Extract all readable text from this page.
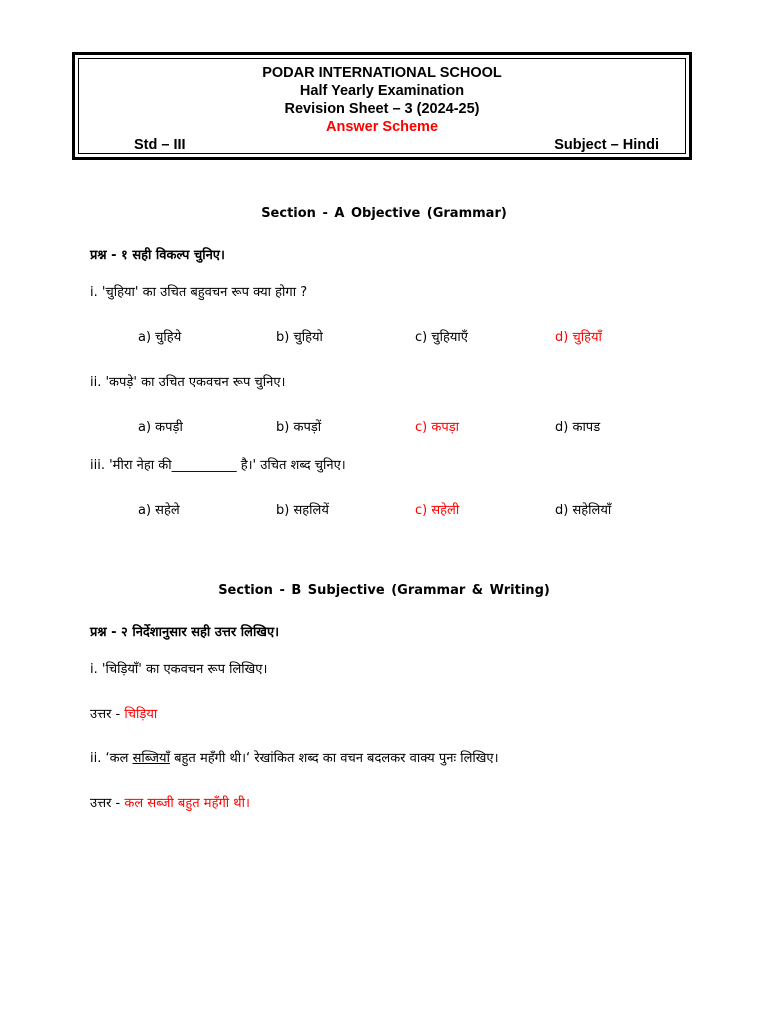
PODAR INTERNATIONAL SCHOOL
Half Yearly Examination
Revision Sheet – 3 (2024-25)
Answer Scheme
Std – III	Subject – Hindi
Section - A Objective (Grammar)
प्रश्न - १ सही विकल्प चुनिए।
i. 'चुहिया' का उचित बहुवचन रूप क्या होगा ?
a) चुहिये	b) चुहियो	c) चुहियाएँ	d) चुहियाँ
ii. 'कपड़े' का उचित एकवचन रूप चुनिए।
a) कपड़ी	b) कपड़ों	c) कपड़ा	d) कापड
iii. 'मीरा नेहा की__________ है।' उचित शब्द चुनिए।
a) सहेले	b) सहलियें	c) सहेली	d) सहेलियाँ
Section - B Subjective (Grammar & Writing)
प्रश्न - २ निर्देशानुसार सही उत्तर लिखिए।
i. 'चिड़ियाँ' का एकवचन रूप लिखिए।
उत्तर - चिड़िया
ii. ‘कल सब्जियाँ बहुत महँगी थी।‘ रेखांकित शब्द का वचन बदलकर वाक्य पुनः लिखिए।
उत्तर - कल सब्जी बहुत महँगी थी।
